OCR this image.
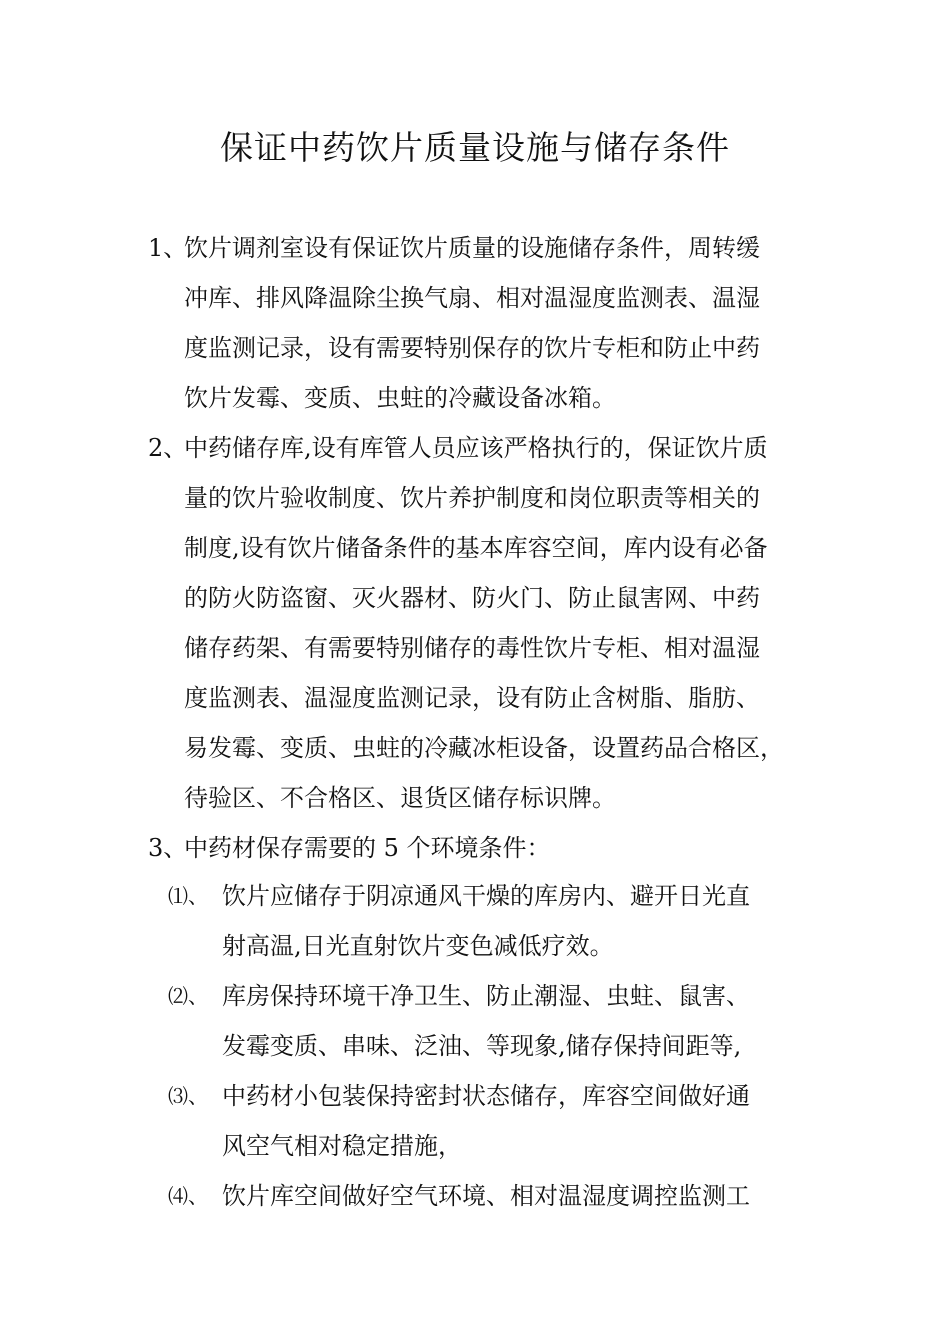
保证中药饮片质量设施与储存条件
1、
饮片调剂室设有保证饮片质量的设施储存条件，周转缓
冲库、排风降温除尘换气扇、相对温湿度监测表、温湿
度监测记录，设有需要特别保存的饮片专柜和防止中药
饮片发霉、变质、虫蛀的冷藏设备冰箱。
2、
中药储存库,设有库管人员应该严格执行的，保证饮片质
量的饮片验收制度、饮片养护制度和岗位职责等相关的
制度,设有饮片储备条件的基本库容空间，库内设有必备
的防火防盗窗、灭火器材、防火门、防止鼠害网、中药
储存药架、有需要特别储存的毒性饮片专柜、相对温湿
度监测表、温湿度监测记录，设有防止含树脂、脂肪、
易发霉、变质、虫蛀的冷藏冰柜设备，设置药品合格区，
待验区、不合格区、退货区储存标识牌。
3、
中药材保存需要的 5 个环境条件：
⑴、 饮片应储存于阴凉通风干燥的库房内、避开日光直
射高温,日光直射饮片变色减低疗效。
⑵、 库房保持环境干净卫生、防止潮湿、虫蛀、鼠害、
发霉变质、串味、泛油、等现象,储存保持间距等,
⑶、 中药材小包装保持密封状态储存，库容空间做好通
风空气相对稳定措施，
⑷、 饮片库空间做好空气环境、相对温湿度调控监测工
